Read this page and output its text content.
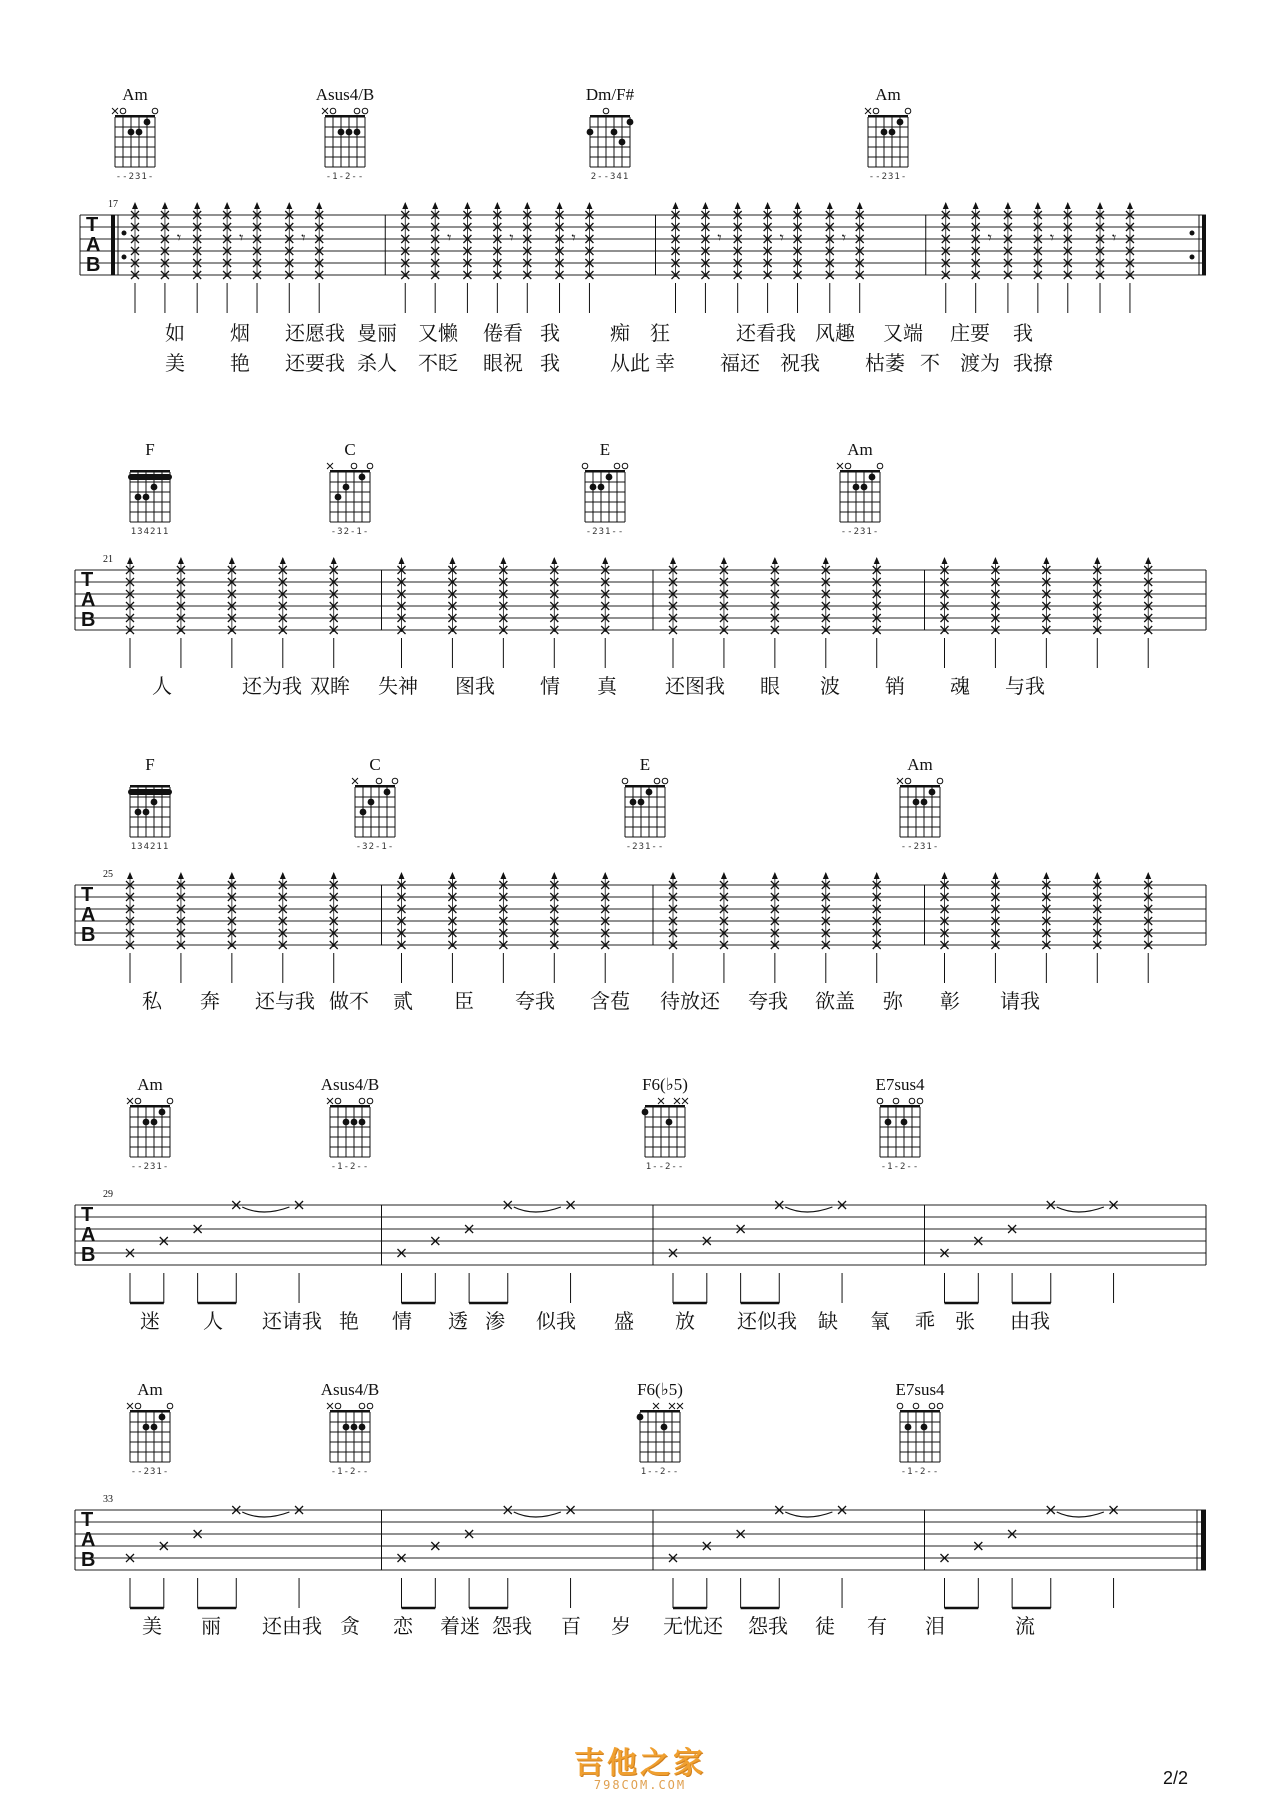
Am
--231-
Asus4/B
-1-2--
Dm/F#
2--341
Am
--231-
17
T
A
B
𝄾	𝄾	𝄾	𝄾	𝄾	𝄾	𝄾	𝄾	𝄾	𝄾	𝄾	𝄾
如 烟 还愿我 曼丽 又懒 倦看 我	痴 狂	还看我 风趣 又端 庄要 我
美 艳 还要我 杀人 不眨 眼祝 我	从此 幸 福还 祝我 枯萎 不 渡为 我撩
F
134211
C
-32-1-
E
-231--
Am
--231-
21
T
A
B
人	还为我 双眸 失神 图我 情 真 还图我 眼 波 销 魂 与我
F
134211
C
-32-1-
E
-231--
Am
--231-
25
T
A
B
私 奔 还与我 做不 贰 臣 夸我 含苞 待放还 夸我 欲盖 弥 彰 请我
Am
--231-
Asus4/B
-1-2--
F6(♭5)
1--2--
E7sus4
-1-2--
29
T
A
B
迷 人 还请我 艳 情 透 渗 似我 盛 放 还似我 缺 氧 乖 张 由我
Am
--231-
Asus4/B
-1-2--
F6(♭5)
1--2--
E7sus4
-1-2--
33
T
A
B
美 丽 还由我 贪 恋 着迷 怨我 百 岁 无忧还 怨我 徒 有 泪	流
2/2
吉他之家
798COM.COM
